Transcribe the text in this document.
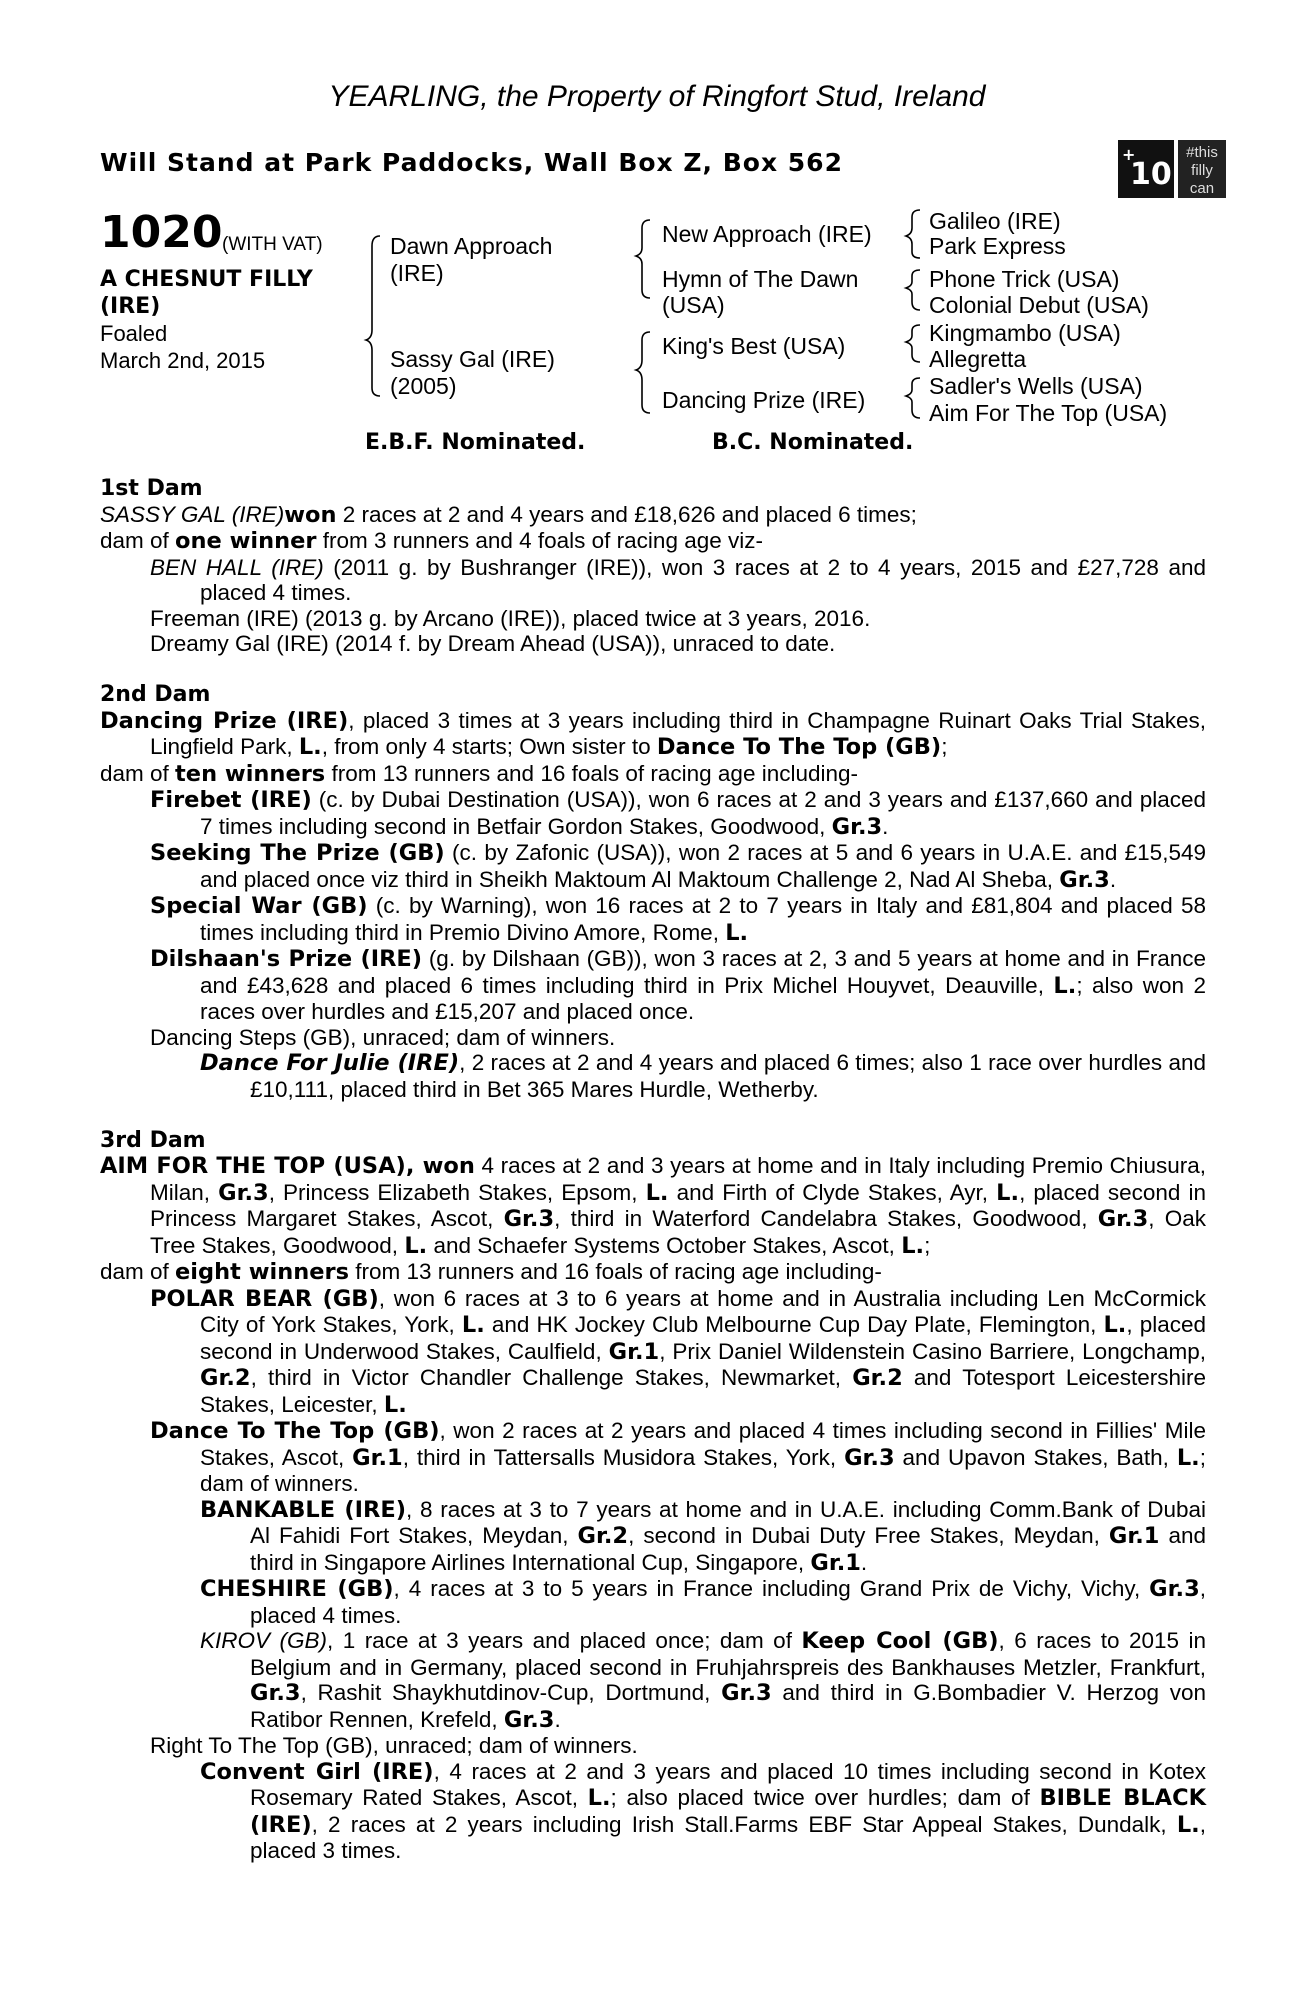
YEARLING, the Property of Ringfort Stud, Ireland
Will Stand at Park Paddocks, Wall Box Z, Box 562	+
10
#this
filly
can
1020 (WITH VAT)
A CHESNUT FILLY
(IRE)
Foaled
March 2nd, 2015
Dawn Approach
(IRE)
Sassy Gal (IRE)
(2005)
New Approach (IRE)
Hymn of The Dawn
(USA)
King's Best (USA)
Dancing Prize (IRE)
Galileo (IRE)
Park Express
Phone Trick (USA)
Colonial Debut (USA)
Kingmambo (USA)
Allegretta
Sadler's Wells (USA)
Aim For The Top (USA)
E.B.F. Nominated.	B.C. Nominated.
1st Dam

SASSY GAL (IRE)won 2 races at 2 and 4 years and £18,626 and placed 6 times;

dam of one winner from 3 runners and 4 foals of racing age viz-

BEN HALL (IRE) (2011 g. by Bushranger (IRE)), won 3 races at 2 to 4 years, 2015 and £27,728 and placed 4 times.

Freeman (IRE) (2013 g. by Arcano (IRE)), placed twice at 3 years, 2016.

Dreamy Gal (IRE) (2014 f. by Dream Ahead (USA)), unraced to date.

2nd Dam

Dancing Prize (IRE), placed 3 times at 3 years including third in Champagne Ruinart Oaks Trial Stakes, Lingfield Park, L., from only 4 starts; Own sister to Dance To The Top (GB);

dam of ten winners from 13 runners and 16 foals of racing age including-

Firebet (IRE) (c. by Dubai Destination (USA)), won 6 races at 2 and 3 years and £137,660 and placed 7 times including second in Betfair Gordon Stakes, Goodwood, Gr.3.

Seeking The Prize (GB) (c. by Zafonic (USA)), won 2 races at 5 and 6 years in U.A.E. and £15,549 and placed once viz third in Sheikh Maktoum Al Maktoum Challenge 2, Nad Al Sheba, Gr.3.

Special War (GB) (c. by Warning), won 16 races at 2 to 7 years in Italy and £81,804 and placed 58 times including third in Premio Divino Amore, Rome, L.

Dilshaan's Prize (IRE) (g. by Dilshaan (GB)), won 3 races at 2, 3 and 5 years at home and in France and £43,628 and placed 6 times including third in Prix Michel Houyvet, Deauville, L.; also won 2 races over hurdles and £15,207 and placed once.

Dancing Steps (GB), unraced; dam of winners.

Dance For Julie (IRE), 2 races at 2 and 4 years and placed 6 times; also 1 race over hurdles and £10,111, placed third in Bet 365 Mares Hurdle, Wetherby.

3rd Dam

AIM FOR THE TOP (USA), won 4 races at 2 and 3 years at home and in Italy including Premio Chiusura, Milan, Gr.3, Princess Elizabeth Stakes, Epsom, L. and Firth of Clyde Stakes, Ayr, L., placed second in Princess Margaret Stakes, Ascot, Gr.3, third in Waterford Candelabra Stakes, Goodwood, Gr.3, Oak Tree Stakes, Goodwood, L. and Schaefer Systems October Stakes, Ascot, L.;

dam of eight winners from 13 runners and 16 foals of racing age including-

POLAR BEAR (GB), won 6 races at 3 to 6 years at home and in Australia including Len McCormick City of York Stakes, York, L. and HK Jockey Club Melbourne Cup Day Plate, Flemington, L., placed second in Underwood Stakes, Caulfield, Gr.1, Prix Daniel Wildenstein Casino Barriere, Longchamp, Gr.2, third in Victor Chandler Challenge Stakes, Newmarket, Gr.2 and Totesport Leicestershire Stakes, Leicester, L.

Dance To The Top (GB), won 2 races at 2 years and placed 4 times including second in Fillies' Mile Stakes, Ascot, Gr.1, third in Tattersalls Musidora Stakes, York, Gr.3 and Upavon Stakes, Bath, L.; dam of winners.

BANKABLE (IRE), 8 races at 3 to 7 years at home and in U.A.E. including Comm.Bank of Dubai Al Fahidi Fort Stakes, Meydan, Gr.2, second in Dubai Duty Free Stakes, Meydan, Gr.1 and third in Singapore Airlines International Cup, Singapore, Gr.1.

CHESHIRE (GB), 4 races at 3 to 5 years in France including Grand Prix de Vichy, Vichy, Gr.3, placed 4 times.

KIROV (GB), 1 race at 3 years and placed once; dam of Keep Cool (GB), 6 races to 2015 in Belgium and in Germany, placed second in Fruhjahrspreis des Bankhauses Metzler, Frankfurt, Gr.3, Rashit Shaykhutdinov-Cup, Dortmund, Gr.3 and third in G.Bombadier V. Herzog von Ratibor Rennen, Krefeld, Gr.3.

Right To The Top (GB), unraced; dam of winners.

Convent Girl (IRE), 4 races at 2 and 3 years and placed 10 times including second in Kotex Rosemary Rated Stakes, Ascot, L.; also placed twice over hurdles; dam of BIBLE BLACK (IRE), 2 races at 2 years including Irish Stall.Farms EBF Star Appeal Stakes, Dundalk, L., placed 3 times.
